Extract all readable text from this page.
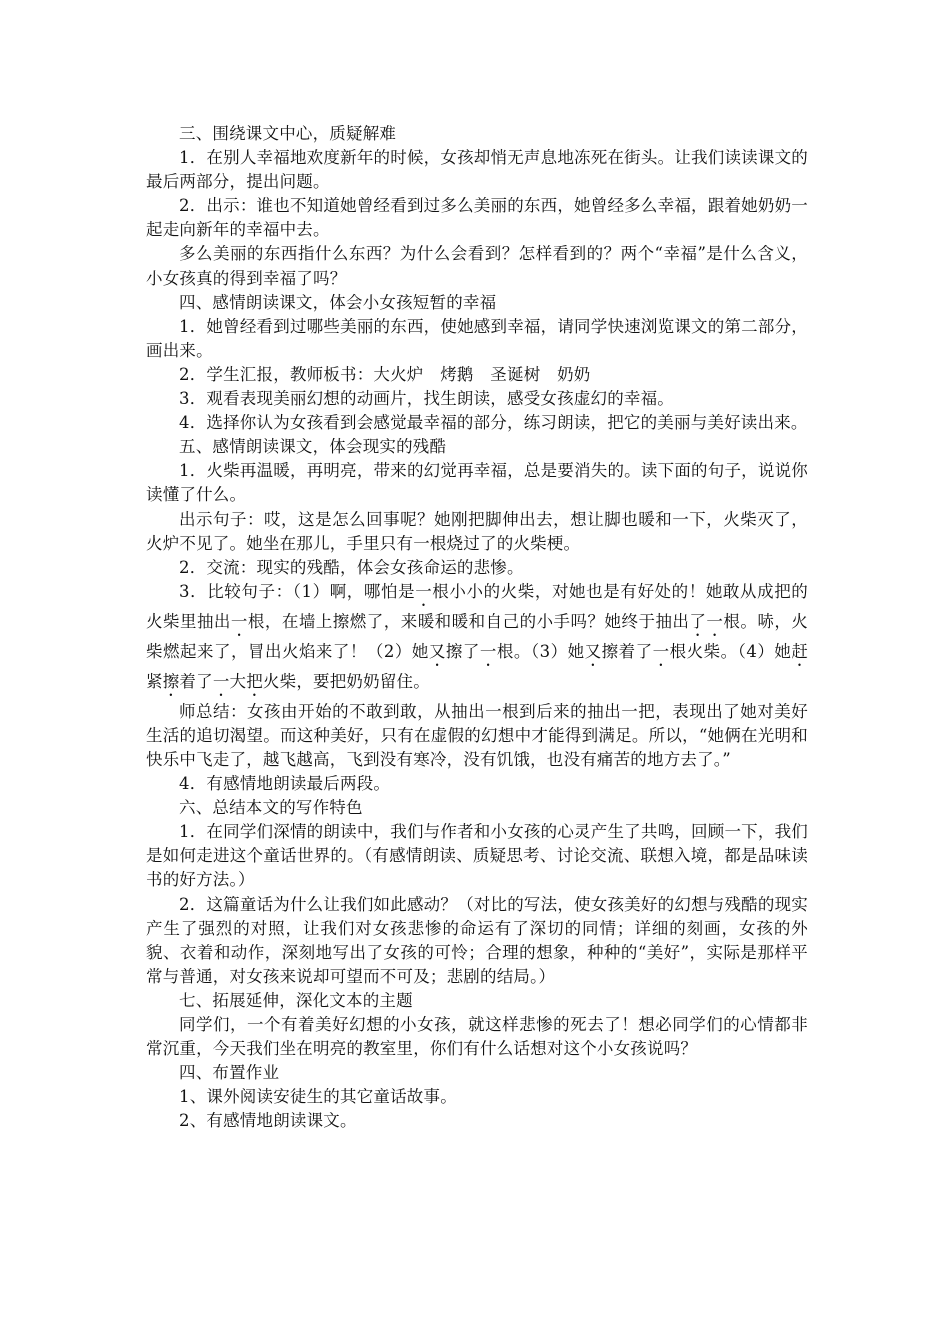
三、围绕课文中心，质疑解难

1．在别人幸福地欢度新年的时候，女孩却悄无声息地冻死在街头。让我们读读课文的最后两部分，提出问题。

2．出示：谁也不知道她曾经看到过多么美丽的东西，她曾经多么幸福，跟着她奶奶一起走向新年的幸福中去。

多么美丽的东西指什么东西？为什么会看到？怎样看到的？两个“幸福”是什么含义，小女孩真的得到幸福了吗？

四、感情朗读课文，体会小女孩短暂的幸福

1．她曾经看到过哪些美丽的东西，使她感到幸福，请同学快速浏览课文的第二部分，画出来。

2．学生汇报，教师板书：大火炉　烤鹅　圣诞树　奶奶

3．观看表现美丽幻想的动画片，找生朗读，感受女孩虚幻的幸福。

4．选择你认为女孩看到会感觉最幸福的部分，练习朗读，把它的美丽与美好读出来。

五、感情朗读课文，体会现实的残酷

1．火柴再温暖，再明亮，带来的幻觉再幸福，总是要消失的。读下面的句子，说说你读懂了什么。

出示句子：哎，这是怎么回事呢？她刚把脚伸出去，想让脚也暖和一下，火柴灭了，火炉不见了。她坐在那儿，手里只有一根烧过了的火柴梗。

2．交流：现实的残酷，体会女孩命运的悲惨。

3．比较句子：（1）啊，哪怕是一根小小的火柴，对她也是有好处的！她敢从成把的火柴里抽出一根，在墙上擦燃了，来暖和暖和自己的小手吗？她终于抽出了一根。哧，火柴燃起来了，冒出火焰来了！（2）她又擦了一根。（3）她又擦着了一根火柴。（4）她赶紧擦着了一大把火柴，要把奶奶留住。

师总结：女孩由开始的不敢到敢，从抽出一根到后来的抽出一把，表现出了她对美好生活的追切渴望。而这种美好，只有在虚假的幻想中才能得到满足。所以，“她俩在光明和快乐中飞走了，越飞越高，飞到没有寒冷，没有饥饿，也没有痛苦的地方去了。”

4．有感情地朗读最后两段。

六、总结本文的写作特色

1．在同学们深情的朗读中，我们与作者和小女孩的心灵产生了共鸣，回顾一下，我们是如何走进这个童话世界的。（有感情朗读、质疑思考、讨论交流、联想入境，都是品味读书的好方法。）

2．这篇童话为什么让我们如此感动？（对比的写法，使女孩美好的幻想与残酷的现实产生了强烈的对照，让我们对女孩悲惨的命运有了深切的同情；详细的刻画，女孩的外貌、衣着和动作，深刻地写出了女孩的可怜；合理的想象，种种的“美好”，实际是那样平常与普通，对女孩来说却可望而不可及；悲剧的结局。）

七、拓展延伸，深化文本的主题

同学们，一个有着美好幻想的小女孩，就这样悲惨的死去了！想必同学们的心情都非常沉重，今天我们坐在明亮的教室里，你们有什么话想对这个小女孩说吗？

四、布置作业

1、课外阅读安徒生的其它童话故事。

2、有感情地朗读课文。
